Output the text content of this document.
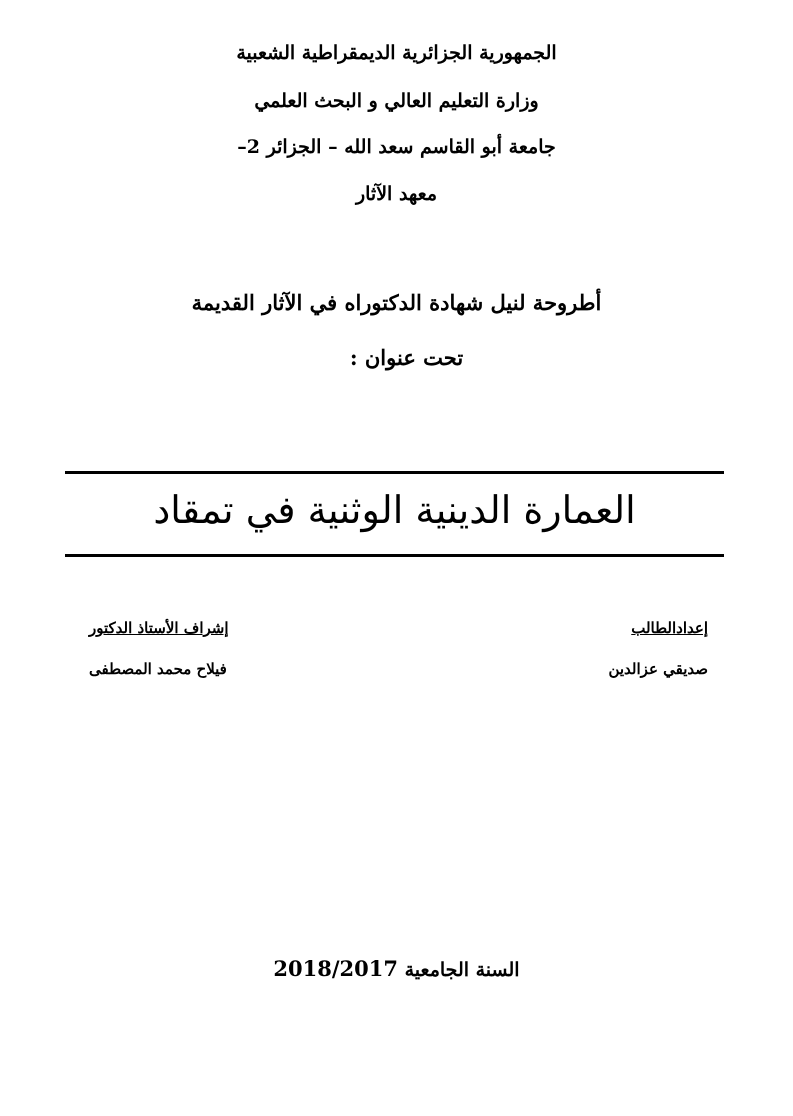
الجمهورية الجزائرية الديمقراطية الشعبية
وزارة التعليم العالي و البحث العلمي
جامعة أبو القاسم سعد الله – الجزائر 2–
معهد الآثار
أطروحة لنيل شهادة الدكتوراه في الآثار القديمة
تحت عنوان :
العمارة الدينية الوثنية في تمقاد
إعدادالطالب
صديقي عزالدين
إشراف الأستاذ الدكتور
فيلاح محمد المصطفى
السنة الجامعية 2018/2017
